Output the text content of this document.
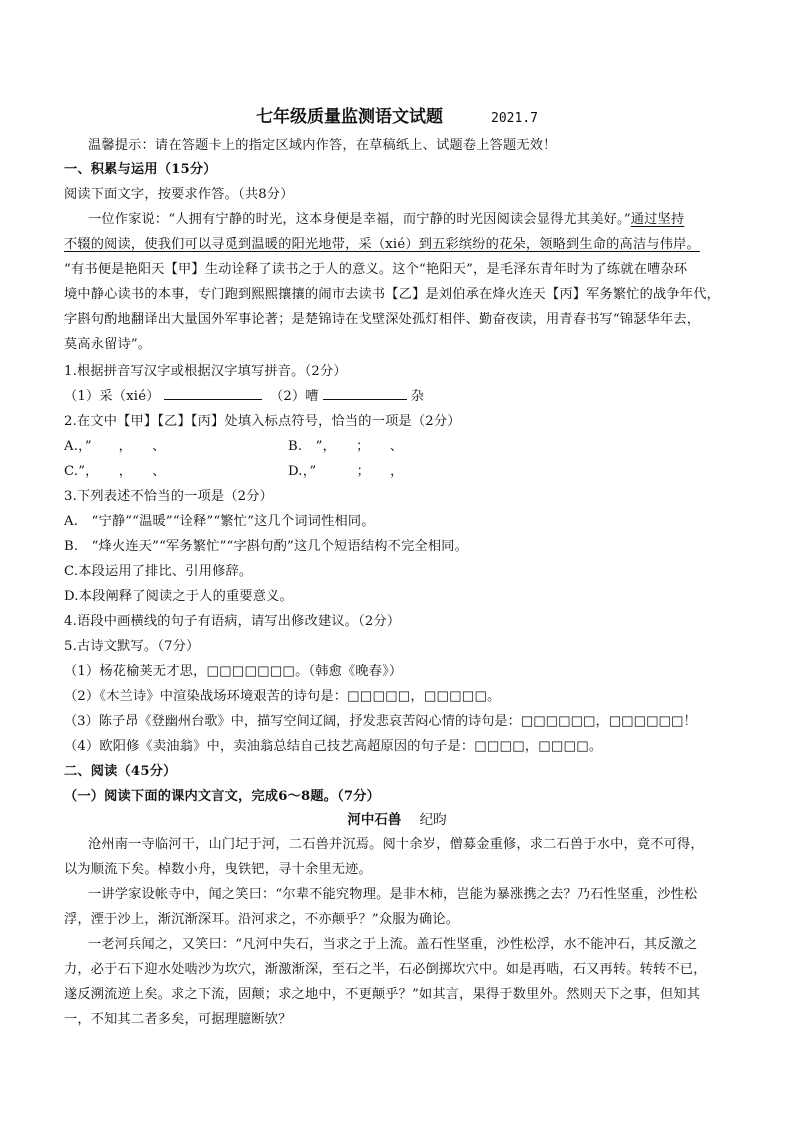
七年级质量监测语文试题	2021.7
温馨提示：请在答题卡上的指定区域内作答，在草稿纸上、试题卷上答题无效！
一、积累与运用（15分）
阅读下面文字，按要求作答。（共8分）
一位作家说：“人拥有宁静的时光，这本身便是幸福，而宁静的时光因阅读会显得尤其美好。”通过坚持
不辍的阅读，使我们可以寻觅到温暖的阳光地带，采（xié）到五彩缤纷的花朵，领略到生命的高洁与伟岸。
“有书便是艳阳天【甲】生动诠释了读书之于人的意义。这个“艳阳天”，是毛泽东青年时为了练就在嘈杂环
境中静心读书的本事，专门跑到熙熙攘攘的闹市去读书【乙】是刘伯承在烽火连天【丙】军务繁忙的战争年代，
字斟句酌地翻译出大量国外军事论著；是楚锦诗在戈壁深处孤灯相伴、勤奋夜读，用青春书写“锦瑟华年去，
莫高永留诗”。
1.根据拼音写汉字或根据汉字填写拼音。（2分）
（1）采（xié）	（2）嘈	杂
2.在文中【甲】【乙】【丙】处填入标点符号，恰当的一项是（2分）
A.，”　　，　　、	B.　”，　　；　　、
C.”，　　，　　、	D.，”　　　；　　，
3.下列表述不恰当的一项是（2分）
A.　“宁静”“温暖”“诠释”“繁忙”这几个词词性相同。
B.　“烽火连天”“军务繁忙”“字斟句酌”这几个短语结构不完全相同。
C.本段运用了排比、引用修辞。
D.本段阐释了阅读之于人的重要意义。
4.语段中画横线的句子有语病，请写出修改建议。（2分）
5.古诗文默写。（7分）
（1）杨花榆荚无才思，□□□□□□□。（韩愈《晚春》）
（2）《木兰诗》中渲染战场环境艰苦的诗句是：□□□□□，□□□□□。
（3）陈子昂《登幽州台歌》中，描写空间辽阔，抒发悲哀苦闷心情的诗句是：□□□□□□，□□□□□□！
（4）欧阳修《卖油翁》中，卖油翁总结自己技艺高超原因的句子是：□□□□，□□□□。
二、阅读（45分）
（一）阅读下面的课内文言文，完成6～8题。（7分）
河中石兽 纪昀
沧州南一寺临河干，山门圮于河，二石兽并沉焉。阅十余岁，僧募金重修，求二石兽于水中，竟不可得，
以为顺流下矣。棹数小舟，曳铁钯，寻十余里无迹。
一讲学家设帐寺中，闻之笑曰：“尔辈不能究物理。是非木柿，岂能为暴涨携之去？乃石性坚重，沙性松
浮，湮于沙上，渐沉渐深耳。沿河求之，不亦颠乎？”众服为确论。
一老河兵闻之，又笑曰：“凡河中失石，当求之于上流。盖石性坚重，沙性松浮，水不能冲石，其反激之
力，必于石下迎水处啮沙为坎穴，渐激渐深，至石之半，石必倒掷坎穴中。如是再啮，石又再转。转转不已，
遂反溯流逆上矣。求之下流，固颠；求之地中，不更颠乎？”如其言，果得于数里外。然则天下之事，但知其
一，不知其二者多矣，可据理臆断欤？
